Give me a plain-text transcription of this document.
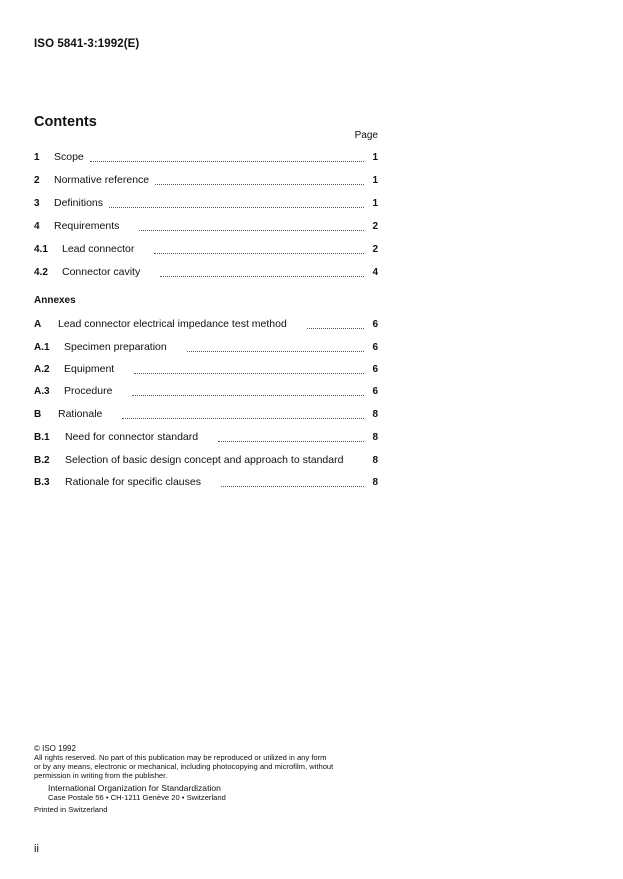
ISO 5841-3:1992(E)
Contents
Page
1	Scope	1
2	Normative reference	1
3	Definitions	1
4	Requirements	2
4.1	Lead connector	2
4.2	Connector cavity	4
Annexes
A	Lead connector electrical impedance test method	6
A.1	Specimen preparation	6
A.2	Equipment	6
A.3	Procedure	6
B	Rationale	8
B.1	Need for connector standard	8
B.2	Selection of basic design concept and approach to standard	8
B.3	Rationale for specific clauses	8
© ISO 1992
All rights reserved. No part of this publication may be reproduced or utilized in any form
or by any means, electronic or mechanical, including photocopying and microfilm, without
permission in writing from the publisher.
International Organization for Standardization
Case Postale 56 • CH-1211 Genève 20 • Switzerland
Printed in Switzerland
ii
